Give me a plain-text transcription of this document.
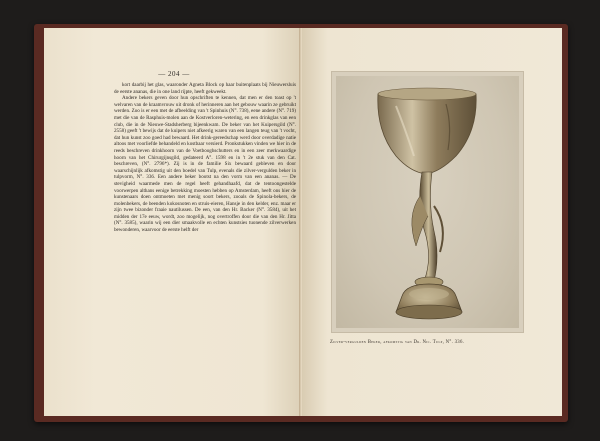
— 204 —

kort daarbij het glas, waaronder Agneta Block op haar buitenplaats bij Nieuwersluis de eerste ananas, die in one land rijpte, heeft gekweekt.

Andere bekers geven door hun opschriften te kennen, dat men er den toast op 't welvaren van de kraamvrouw uit dronk of herinneren aan het gebouw waarin ze gebruikt werden. Zoo is er een met de afbeelding van 't Spinhuis (N°. 738), eene andere (N°. 719) met die van de Rasphuis-molen aan de Kostverloren-wetering, en een drinkglas van een club, die in de Nieuwe-Stadsherberg bijeenkwam. De beker van het Kuipersgild (N°. 2558) geeft 't bewijs dat de kuipers niet afkeerig waren van een langen teug van 't vocht, dat hun kunst zoo goed had bewaard. Het drink-gereedschap werd door overdadige natie altoos met voorliefde behandeld en kostbaar versierd. Pronkstukken vinden we hier in de reeds beschreven drinkhoorn van de Voetbooghschutters en in een zeer merkwaardige hoorn van het Chirurgijnsgild, gedateerd A°. 1598 en in 't 2e stuk van den Cat. beschreven, (N°. 2796*). Zij is in de familie Six bewaard gebleven en door waarschijnlijk afkomstig uit den boedel van Tulp, evenals die zilver-vergulden beker in tulpvorm, N°. 336. Een andere beker bootst na den vorm van een ananas. — De stevigheid waarmede men de regel heeft gehandhaafd, dat de tentoongestelde voorwerpen althans eenige betrekking moesten hebben op Amsterdam, heeft ons hier de kunstenaars doen ontmoeten met menig soort bekers, zooals de Spinola-bekers, de molenbekers, de beenden kokosnoten en struis-eieren, Hansje in den kelder, enz. maar er zijn twee bizonder fraaie nautilussen. De een, van den Hr. Backer (N°. 3584), uit het midden der 17e eeuw, wordt, zoo mogelijk, nog overtroffen door die van den Hr. Jitta (N°. 3585), waarin wij een dier smaakvolle en echten kunstsies tuonende zilverwerken bewonderen, waarvoor de eerste helft der

Zilver-vergulden Beker, afkomstig van Dr. Nic. Tulp, N°. 336.
